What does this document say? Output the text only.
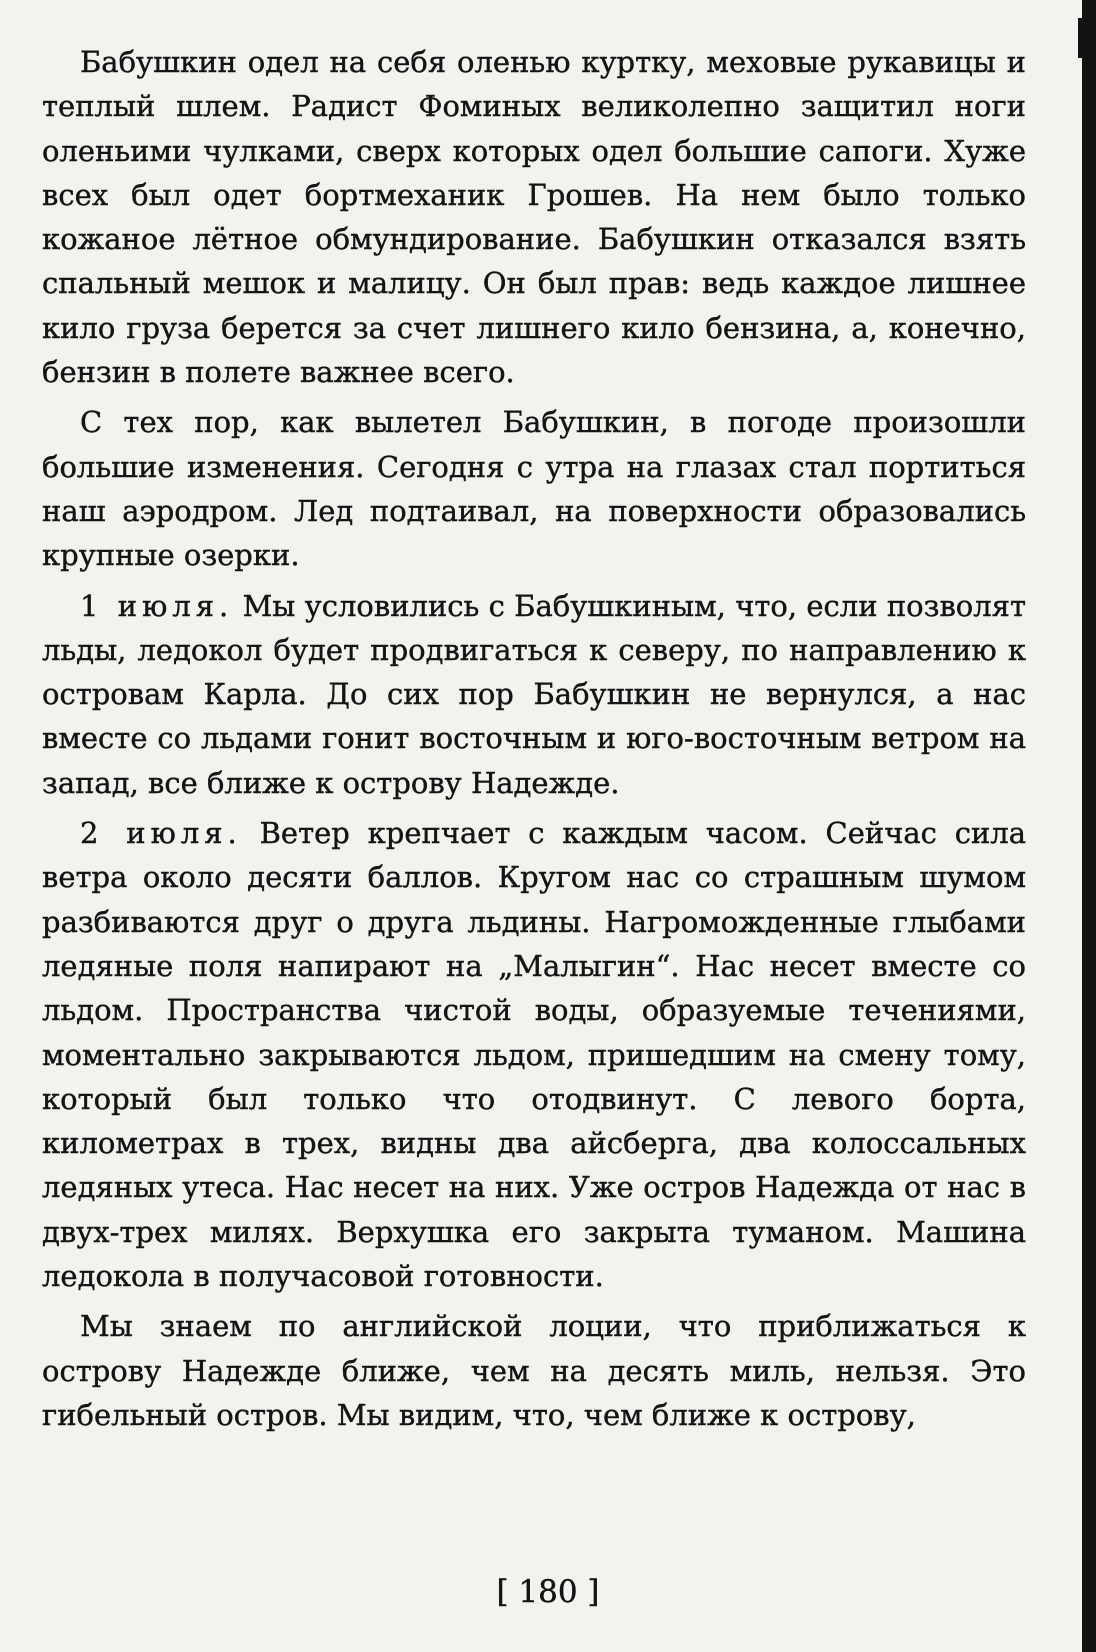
Бабушкин одел на себя оленью куртку, меховые рукавицы и теплый шлем. Радист Фоминых великолепно защитил ноги оленьими чулками, сверх которых одел большие сапоги. Хуже всех был одет бортмеханик Грошев. На нем было только кожаное лётное обмундирование. Бабушкин отказался взять спальный мешок и малицу. Он был прав: ведь каждое лишнее кило груза берется за счет лишнего кило бензина, а, конечно, бензин в полете важнее всего.

С тех пор, как вылетел Бабушкин, в погоде произошли большие изменения. Сегодня с утра на глазах стал портиться наш аэродром. Лед подтаивал, на поверхности образовались крупные озерки.

1 июля. Мы условились с Бабушкиным, что, если позволят льды, ледокол будет продвигаться к северу, по направлению к островам Карла. До сих пор Бабушкин не вернулся, а нас вместе со льдами гонит восточным и юго-восточным ветром на запад, все ближе к острову Надежде.

2 июля. Ветер крепчает с каждым часом. Сейчас сила ветра около десяти баллов. Кругом нас со страшным шумом разбиваются друг о друга льдины. Нагроможденные глыбами ледяные поля напирают на „Малыгин“. Нас несет вместе со льдом. Пространства чистой воды, образуемые течениями, моментально закрываются льдом, пришедшим на смену тому, который был только что отодвинут. С левого борта, километрах в трех, видны два айсберга, два колоссальных ледяных утеса. Нас несет на них. Уже остров Надежда от нас в двух-трех милях. Верхушка его закрыта туманом. Машина ледокола в получасовой готовности.

Мы знаем по английской лоции, что приближаться к острову Надежде ближе, чем на десять миль, нельзя. Это гибельный остров. Мы видим, что, чем ближе к острову,

[ 180 ]
